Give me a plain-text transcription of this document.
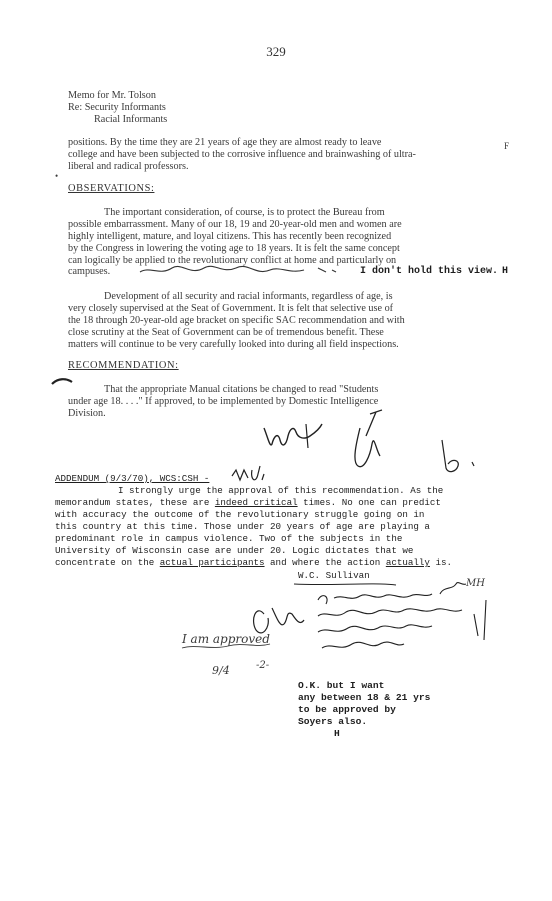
329
Memo for Mr. Tolson
Re: Security Informants
Racial Informants
positions. By the time they are 21 years of age they are almost ready to leave
college and have been subjected to the corrosive influence and brainwashing of ultra-
liberal and radical professors.
F
•
OBSERVATIONS:
The important consideration, of course, is to protect the Bureau from
possible embarrassment. Many of our 18, 19 and 20-year-old men and women are
highly intelligent, mature, and loyal citizens. This has recently been recognized
by the Congress in lowering the voting age to 18 years. It is felt the same concept
can logically be applied to the revolutionary conflict at home and particularly on
campuses.	I don't hold this view. H
Development of all security and racial informants, regardless of age, is
very closely supervised at the Seat of Government. It is felt that selective use of
the 18 through 20-year-old age bracket on specific SAC recommendation and with
close scrutiny at the Seat of Government can be of tremendous benefit. These
matters will continue to be very carefully looked into during all field inspections.
RECOMMENDATION:
That the appropriate Manual citations be changed to read "Students
under age 18. . . ." If approved, to be implemented by Domestic Intelligence
Division.
ADDENDUM (9/3/70), WCS:CSH -
I strongly urge the approval of this recommendation. As the
memorandum states, these are indeed critical times. No one can predict
with accuracy the outcome of the revolutionary struggle going on in
this country at this time. Those under 20 years of age are playing a
predominant role in campus violence. Two of the subjects in the
University of Wisconsin case are under 20. Logic dictates that we
concentrate on the actual participants and where the action actually is.
W.C. Sullivan
I am approved
9/4	-2-
MH
O.K. but I want
any between 18 & 21 yrs
to be approved by
Soyers also.
H
